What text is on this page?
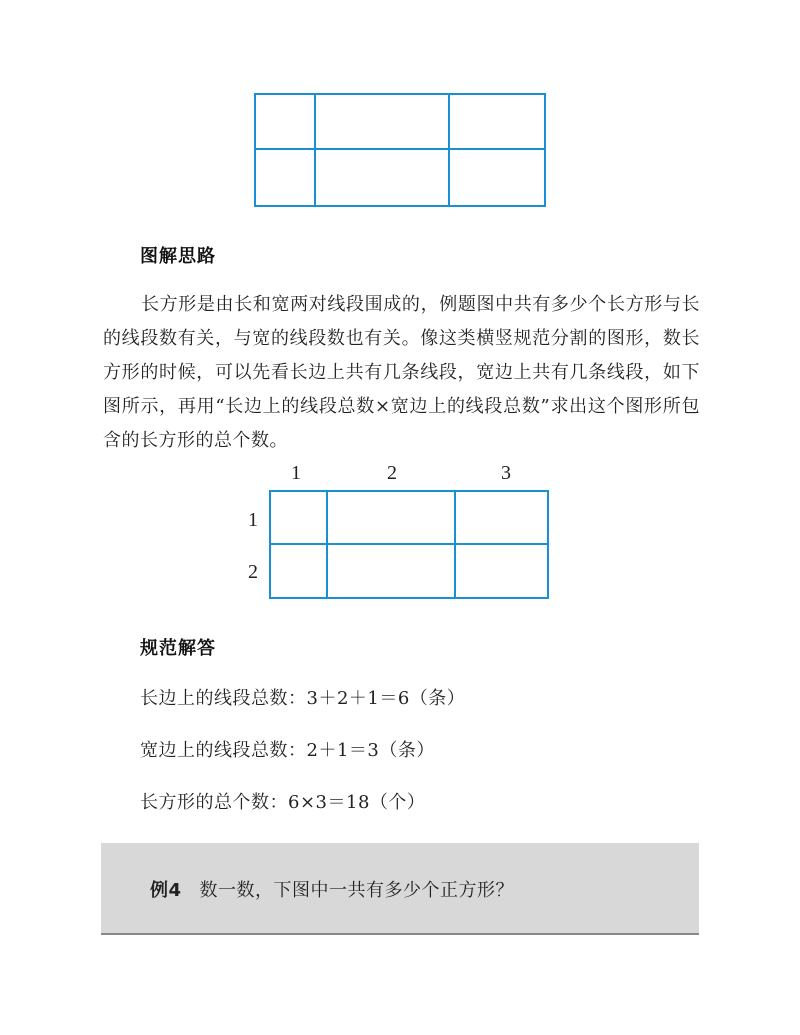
图解思路
长方形是由长和宽两对线段围成的，例题图中共有多少个长方形与长的线段数有关，与宽的线段数也有关。像这类横竖规范分割的图形，数长方形的时候，可以先看长边上共有几条线段，宽边上共有几条线段，如下图所示，再用“长边上的线段总数×宽边上的线段总数”求出这个图形所包含的长方形的总个数。
1	2	3
1
2
规范解答
长边上的线段总数：3＋2＋1＝6（条）
宽边上的线段总数：2＋1＝3（条）
长方形的总个数：6×3＝18（个）
例4 数一数，下图中一共有多少个正方形？
